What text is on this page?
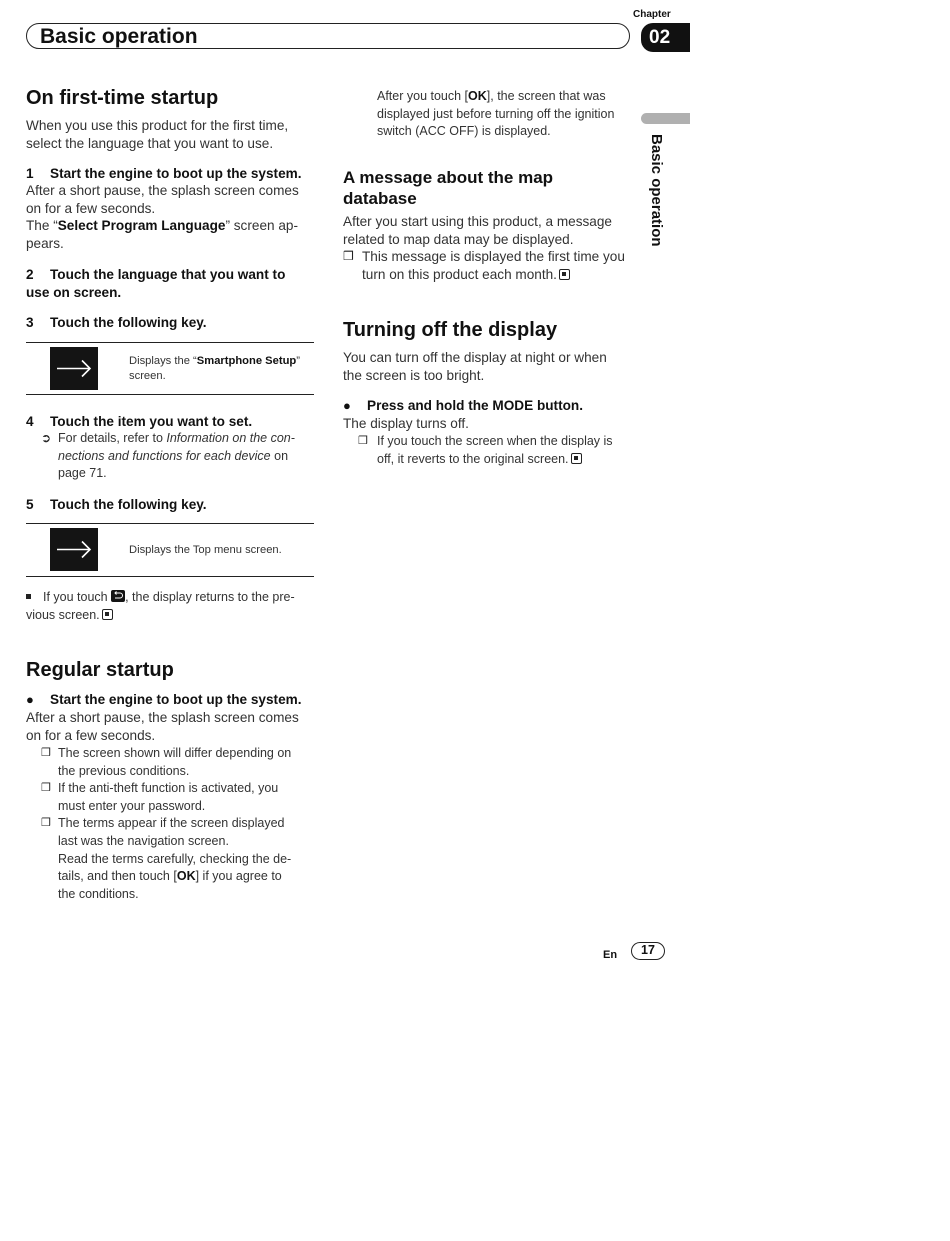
Basic operation
Chapter
02
Basic operation
On first-time startup
When you use this product for the first time,
select the language that you want to use.
1 Start the engine to boot up the system.
After a short pause, the splash screen comes
on for a few seconds.
The “Select Program Language” screen ap-
pears.
2 Touch the language that you want to
use on screen.
3 Touch the following key.
Displays the “Smartphone Setup”
screen.
4 Touch the item you want to set.
➲ For details, refer to Information on the con-
nections and functions for each device on
page 71.
5 Touch the following key.
Displays the Top menu screen.
If you touch , the display returns to the pre-
vious screen.
Regular startup
● Start the engine to boot up the system.
After a short pause, the splash screen comes
on for a few seconds.
❒ The screen shown will differ depending on
the previous conditions.
❒ If the anti-theft function is activated, you
must enter your password.
❒ The terms appear if the screen displayed
last was the navigation screen.
Read the terms carefully, checking the de-
tails, and then touch [OK] if you agree to
the conditions.
After you touch [OK], the screen that was
displayed just before turning off the ignition
switch (ACC OFF) is displayed.
A message about the map
database
After you start using this product, a message
related to map data may be displayed.
❒ This message is displayed the first time you
turn on this product each month.
Turning off the display
You can turn off the display at night or when
the screen is too bright.
● Press and hold the MODE button.
The display turns off.
❒ If you touch the screen when the display is
off, it reverts to the original screen.
En	17
